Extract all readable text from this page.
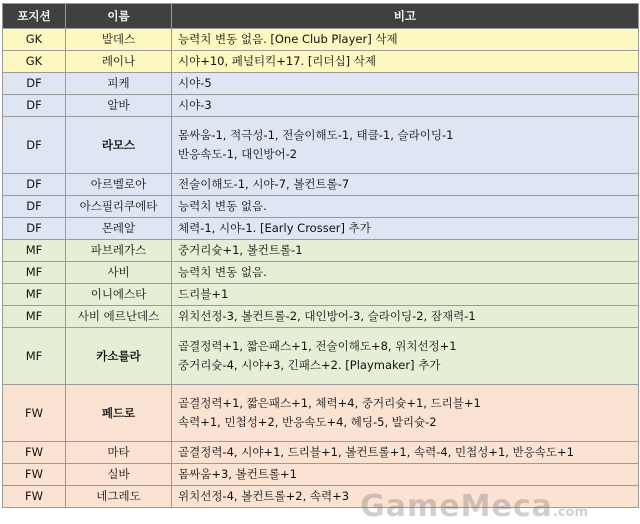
포지션	이름	비고
GK	발데스	능력치 변동 없음. [One Club Player] 삭제

GK	레이나	시야+10, 페널티킥+17. [리더십] 삭제

DF	피케	시야-5

DF	알바	시야-3

DF	라모스	몸싸움-1, 적극성-1, 전술이해도-1, 태클-1, 슬라이딩-1
반응속도-1, 대인방어-2

DF	아르벨로아	전술이해도-1, 시야-7, 볼컨트롤-7

DF	아스필리쿠에타	능력치 변동 없음.

DF	몬레알	체력-1, 시야-1. [Early Crosser] 추가

MF	파브레가스	중거리슛+1, 볼컨트롤-1

MF	사비	능력치 변동 없음.

MF	이니에스타	드리블+1

MF	사비 에르난데스	위치선정-3, 볼컨트롤-2, 대인방어-3, 슬라이딩-2, 잠재력-1

MF	카소를라	골결정력+1, 짧은패스+1, 전술이해도+8, 위치선정+1
중거리슛-4, 시야+3, 긴패스+2. [Playmaker] 추가

FW	페드로	골결정력+1, 짧은패스+1, 체력+4, 중거리슛+1, 드리블+1
속력+1, 민첩성+2, 반응속도+4, 헤딩-5, 발리슛-2

FW	마타	골결정력-4, 시야+1, 드리블+1, 볼컨트롤+1, 속력-4, 민첩성+1, 반응속도+1

FW	실바	몸싸움+3, 볼컨트롤+1

FW	네그레도	위치선정-4, 볼컨트롤+2, 속력+3 GameMeca.com
